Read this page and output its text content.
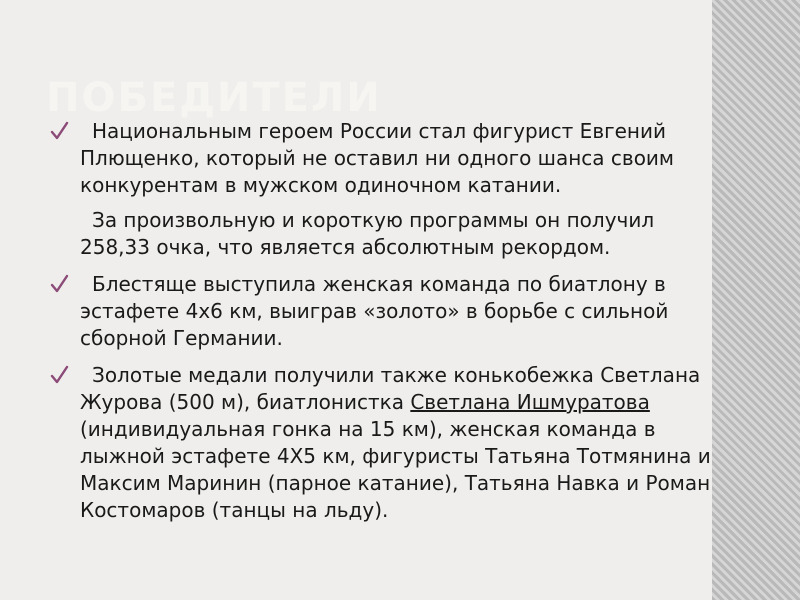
ПОБЕДИТЕЛИ

Национальным героем России стал фигурист Евгений Плющенко, который не оставил ни одного шанса своим конкурентам в мужском одиночном катании.

За произвольную и короткую программы он получил 258,33 очка, что является абсолютным рекордом.

Блестяще выступила женская команда по биатлону в эстафете 4х6 км, выиграв «золото» в борьбе с сильной сборной Германии.

Золотые медали получили также конькобежка Светлана Журова (500 м), биатлонистка Светлана Ишмуратова (индивидуальная гонка на 15 км), женская команда в лыжной эстафете 4Х5 км, фигуристы Татьяна Тотмянина и Максим Маринин (парное катание), Татьяна Навка и Роман Костомаров (танцы на льду).
